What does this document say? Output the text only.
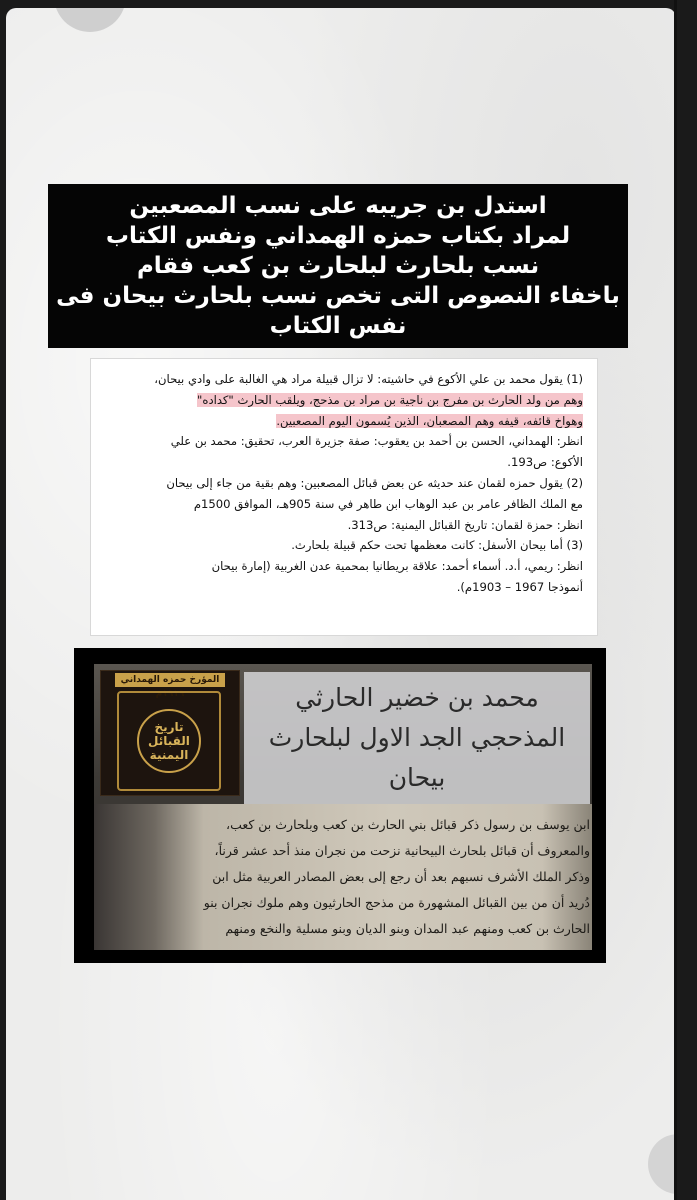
استدل بن جريبه على نسب المصعبين
لمراد بكتاب حمزه الهمداني ونفس الكتاب
نسب بلحارث لبلحارث بن كعب فقام
باخفاء النصوص التى تخص نسب بلحارث بيحان فى
نفس الكتاب

(1) يقول محمد بن علي الأكوع في حاشيته: لا تزال قبيلة مراد هي الغالبة على وادي بيحان،

وهم من ولد الحارث بن مفرج بن ناجية بن مراد بن مذحج، ويلقب الحارث "كداده"

وهواخ قائفه، قيفه وهم المصعبان، الذين يُسمون اليوم المصعبين.

انظر: الهمداني، الحسن بن أحمد بن يعقوب: صفة جزيرة العرب، تحقيق: محمد بن علي

الأكوع: ص193.

(2) يقول حمزه لقمان عند حديثه عن بعض قبائل المصعبين: وهم بقية من جاء إلى بيحان

مع الملك الظافر عامر بن عبد الوهاب ابن طاهر في سنة 905هـ، الموافق 1500م

انظر: حمزة لقمان: تاريخ القبائل اليمنية: ص313.

(3) أما بيحان الأسفل: كانت معظمها تحت حكم قبيلة بلحارث.

انظر: ريمي، أ.د. أسماء أحمد: علاقة بريطانيا بمحمية عدن الغربية (إمارة بيحان

أنموذجا 1967 – 1903م).

المؤرخ حمزه الهمداني ١٩١٩م
تاريخ القبائل اليمنية
محمد بن خضير الحارثي
المذحجي الجد الاول لبلحارث
بيحان
ابن يوسف بن رسول ذكر قبائل بني الحارث بن كعب وبلحارث بن كعب،
والمعروف أن قبائل بلحارث البيحانية نزحت من نجران منذ أحد عشر قرناً،
وذكر الملك الأشرف نسبهم بعد أن رجع إلى بعض المصادر العربية مثل ابن
دُريد أن من بين القبائل المشهورة من مذحج الحارثيون وهم ملوك نجران بنو
الحارث بن كعب ومنهم عبد المدان وبنو الديان وبنو مسلية والنخع ومنهم
